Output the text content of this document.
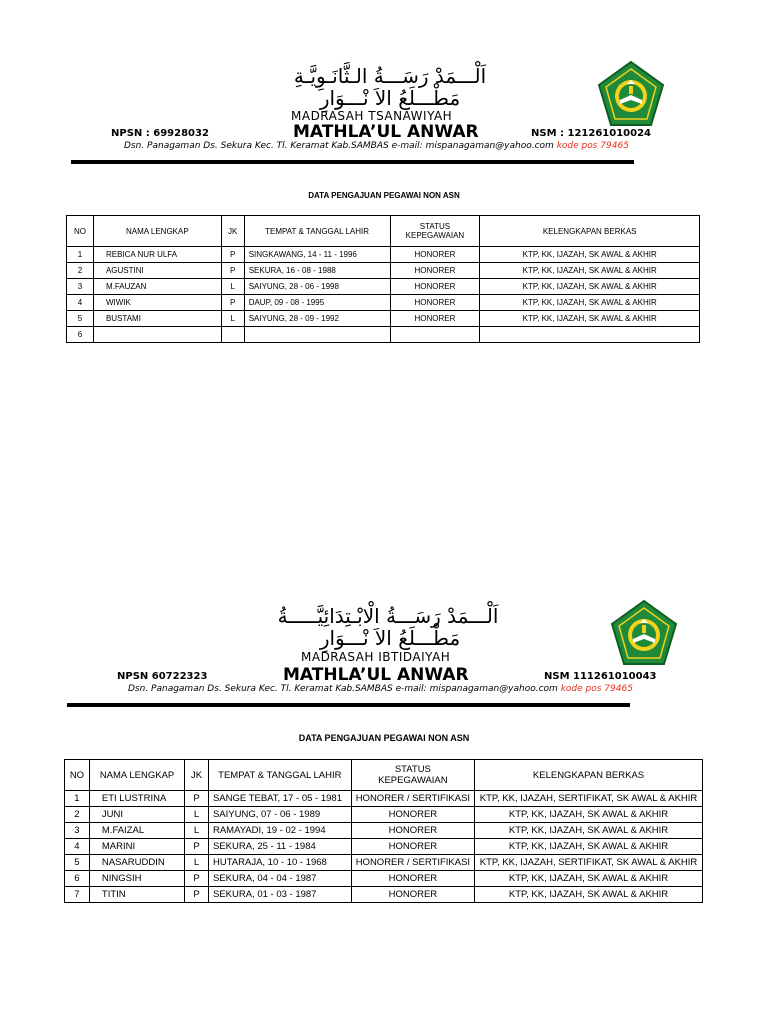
اَلْـــمَدْ رَسَـــةُ الـثَّانَـوِيَّـةِ
مَطْـــلَعُ الاَ نْـــوَارِ
MADRASAH TSANAWIYAH
NPSN : 69928032	MATHLA’UL ANWAR	NSM : 121261010024
Dsn. Panagaman Ds. Sekura Kec. Tl. Keramat Kab.SAMBAS e-mail: mispanagaman@yahoo.com kode pos 79465
DATA PENGAJUAN PEGAWAI NON ASN
NO	NAMA LENGKAP	JK	TEMPAT & TANGGAL LAHIR	STATUS
KEPEGAWAIAN	KELENGKAPAN BERKAS
1	REBICA NUR ULFA	P	SINGKAWANG, 14 - 11 - 1996	HONORER	KTP, KK, IJAZAH, SK AWAL & AKHIR
2	AGUSTINI	P	SEKURA, 16 - 08 - 1988	HONORER	KTP, KK, IJAZAH, SK AWAL & AKHIR
3	M.FAUZAN	L	SAIYUNG, 28 - 06 - 1998	HONORER	KTP, KK, IJAZAH, SK AWAL & AKHIR
4	WIWIK	P	DAUP, 09 - 08 - 1995	HONORER	KTP, KK, IJAZAH, SK AWAL & AKHIR
5	BUSTAMI	L	SAIYUNG, 28 - 09 - 1992	HONORER	KTP, KK, IJAZAH, SK AWAL & AKHIR
6					
اَلْـــمَدْ رَسَـــةُ الْابْـتِدَائِيَّـــــةُ
مَطْـــلَعُ الاَ نْـــوَارِ
MADRASAH IBTIDAIYAH
NPSN 60722323	MATHLA’UL ANWAR	NSM 111261010043
Dsn. Panagaman Ds. Sekura Kec. Tl. Keramat Kab.SAMBAS e-mail: mispanagaman@yahoo.com kode pos 79465
DATA PENGAJUAN PEGAWAI NON ASN
NO	NAMA LENGKAP	JK	TEMPAT & TANGGAL LAHIR	STATUS
KEPEGAWAIAN	KELENGKAPAN BERKAS
1	ETI LUSTRINA	P	SANGE TEBAT, 17 - 05 - 1981	HONORER / SERTIFIKASI	KTP, KK, IJAZAH, SERTIFIKAT, SK AWAL & AKHIR
2	JUNI	L	SAIYUNG, 07 - 06 - 1989	HONORER	KTP, KK, IJAZAH, SK AWAL & AKHIR
3	M.FAIZAL	L	RAMAYADI, 19 - 02 - 1994	HONORER	KTP, KK, IJAZAH, SK AWAL & AKHIR
4	MARINI	P	SEKURA, 25 - 11 - 1984	HONORER	KTP, KK, IJAZAH, SK AWAL & AKHIR
5	NASARUDDIN	L	HUTARAJA, 10 - 10 - 1968	HONORER / SERTIFIKASI	KTP, KK, IJAZAH, SERTIFIKAT, SK AWAL & AKHIR
6	NINGSIH	P	SEKURA, 04 - 04 - 1987	HONORER	KTP, KK, IJAZAH, SK AWAL & AKHIR
7	TITIN	P	SEKURA, 01 - 03 - 1987	HONORER	KTP, KK, IJAZAH, SK AWAL & AKHIR
